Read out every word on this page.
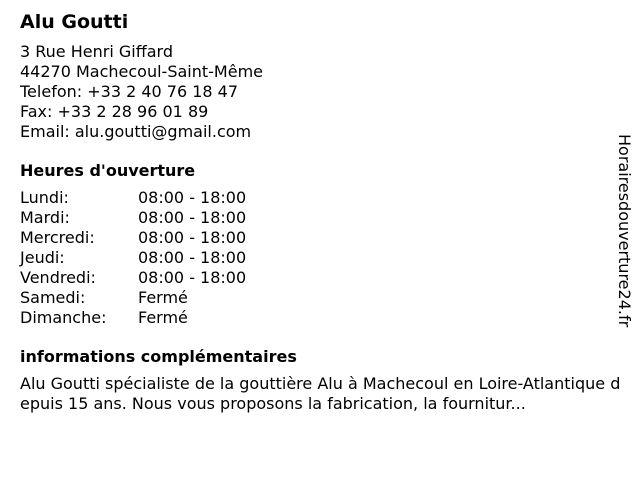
Alu Goutti
3 Rue Henri Giffard
44270 Machecoul-Saint-Même
Telefon: +33 2 40 76 18 47
Fax: +33 2 28 96 01 89
Email: alu.goutti@gmail.com
Heures d'ouverture
Lundi:	08:00 - 18:00
Mardi:	08:00 - 18:00
Mercredi:	08:00 - 18:00
Jeudi:	08:00 - 18:00
Vendredi:	08:00 - 18:00
Samedi:	Fermé
Dimanche:	Fermé
informations complémentaires
Alu Goutti spécialiste de la gouttière Alu à Machecoul en Loire-Atlantique depuis 15 ans. Nous vous proposons la fabrication, la fournitur...
Horairesdouverture24.fr
